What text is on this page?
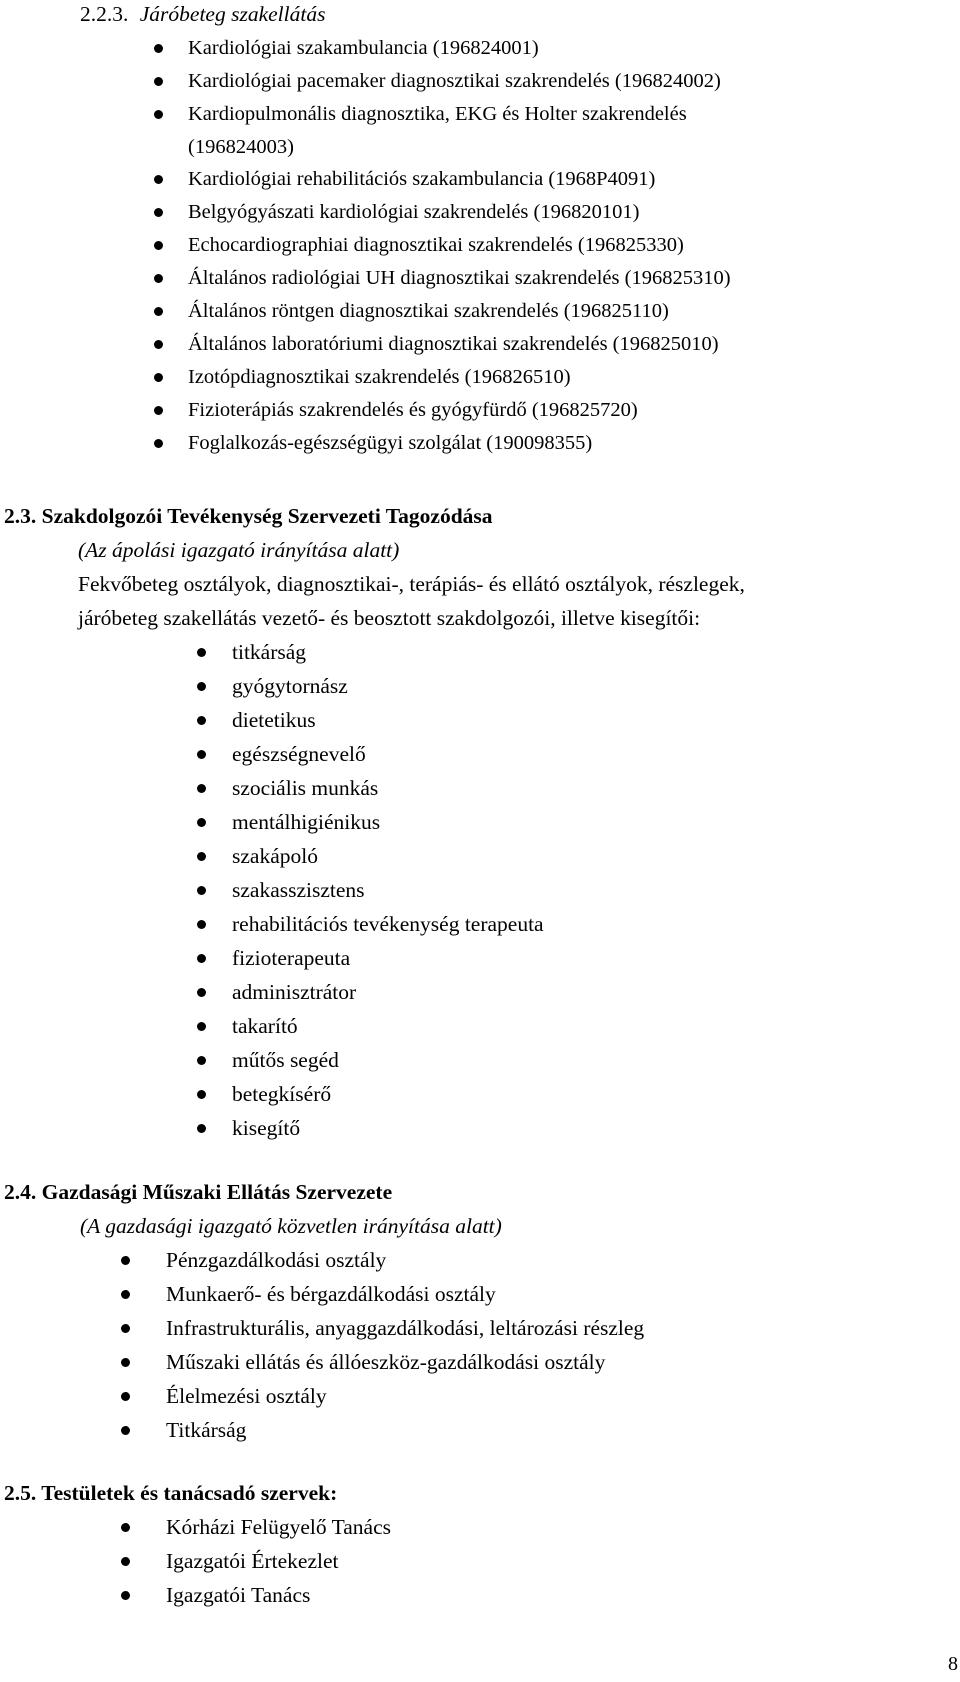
2.2.3. Járóbeteg szakellátás
Kardiológiai szakambulancia (196824001)
Kardiológiai pacemaker diagnosztikai szakrendelés (196824002)
Kardiopulmonális diagnosztika, EKG és Holter szakrendelés
(196824003)
Kardiológiai rehabilitációs szakambulancia (1968P4091)
Belgyógyászati kardiológiai szakrendelés (196820101)
Echocardiographiai diagnosztikai szakrendelés (196825330)
Általános radiológiai UH diagnosztikai szakrendelés (196825310)
Általános röntgen diagnosztikai szakrendelés (196825110)
Általános laboratóriumi diagnosztikai szakrendelés (196825010)
Izotópdiagnosztikai szakrendelés (196826510)
Fizioterápiás szakrendelés és gyógyfürdő (196825720)
Foglalkozás-egészségügyi szolgálat (190098355)
2.3. Szakdolgozói Tevékenység Szervezeti Tagozódása
(Az ápolási igazgató irányítása alatt)
Fekvőbeteg osztályok, diagnosztikai-, terápiás- és ellátó osztályok, részlegek,
járóbeteg szakellátás vezető- és beosztott szakdolgozói, illetve kisegítői:
titkárság
gyógytornász
dietetikus
egészségnevelő
szociális munkás
mentálhigiénikus
szakápoló
szakasszisztens
rehabilitációs tevékenység terapeuta
fizioterapeuta
adminisztrátor
takarító
műtős segéd
betegkísérő
kisegítő
2.4. Gazdasági Műszaki Ellátás Szervezete
(A gazdasági igazgató közvetlen irányítása alatt)
Pénzgazdálkodási osztály
Munkaerő- és bérgazdálkodási osztály
Infrastrukturális, anyaggazdálkodási, leltározási részleg
Műszaki ellátás és állóeszköz-gazdálkodási osztály
Élelmezési osztály
Titkárság
2.5. Testületek és tanácsadó szervek:
Kórházi Felügyelő Tanács
Igazgatói Értekezlet
Igazgatói Tanács
8
